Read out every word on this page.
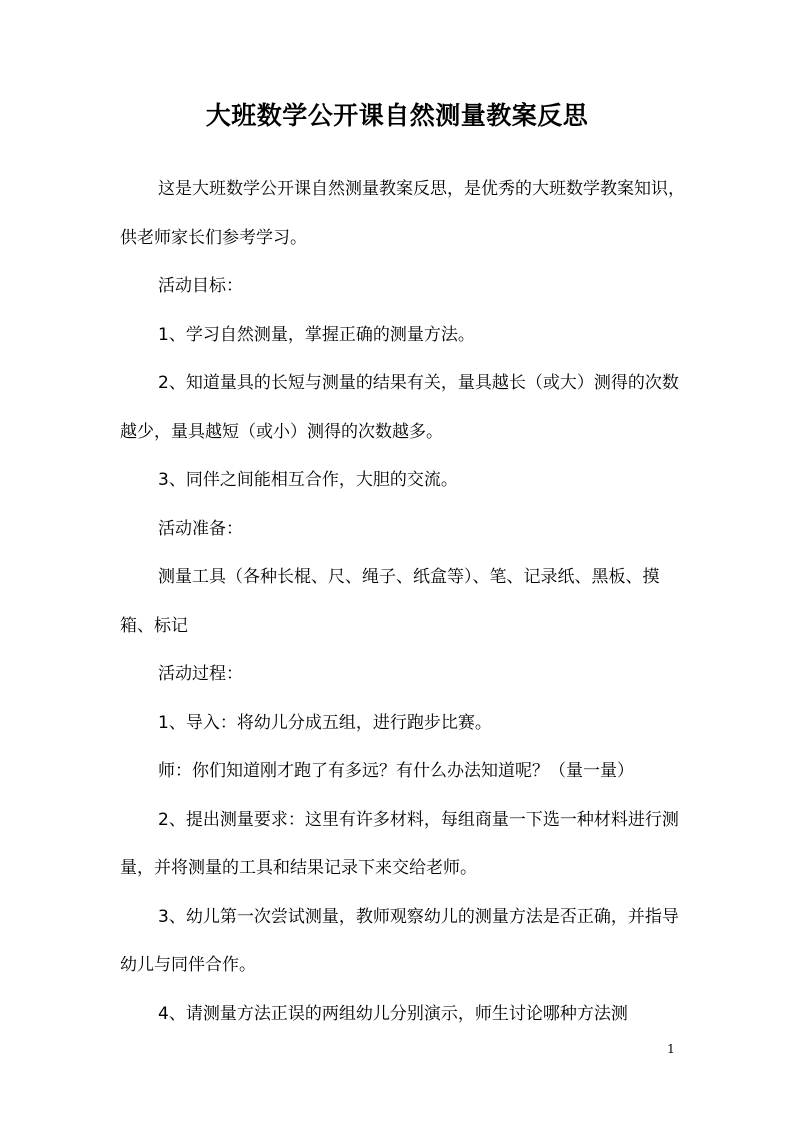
大班数学公开课自然测量教案反思

这是大班数学公开课自然测量教案反思，是优秀的大班数学教案知识，供老师家长们参考学习。

活动目标：

1、学习自然测量，掌握正确的测量方法。

2、知道量具的长短与测量的结果有关，量具越长（或大）测得的次数越少，量具越短（或小）测得的次数越多。

3、同伴之间能相互合作，大胆的交流。

活动准备：

测量工具（各种长棍、尺、绳子、纸盒等）、笔、记录纸、黑板、摸箱、标记

活动过程：

1、导入：将幼儿分成五组，进行跑步比赛。

师：你们知道刚才跑了有多远？有什么办法知道呢？（量一量）

2、提出测量要求：这里有许多材料，每组商量一下选一种材料进行测量，并将测量的工具和结果记录下来交给老师。

3、幼儿第一次尝试测量，教师观察幼儿的测量方法是否正确，并指导幼儿与同伴合作。

4、请测量方法正误的两组幼儿分别演示，师生讨论哪种方法测

1
